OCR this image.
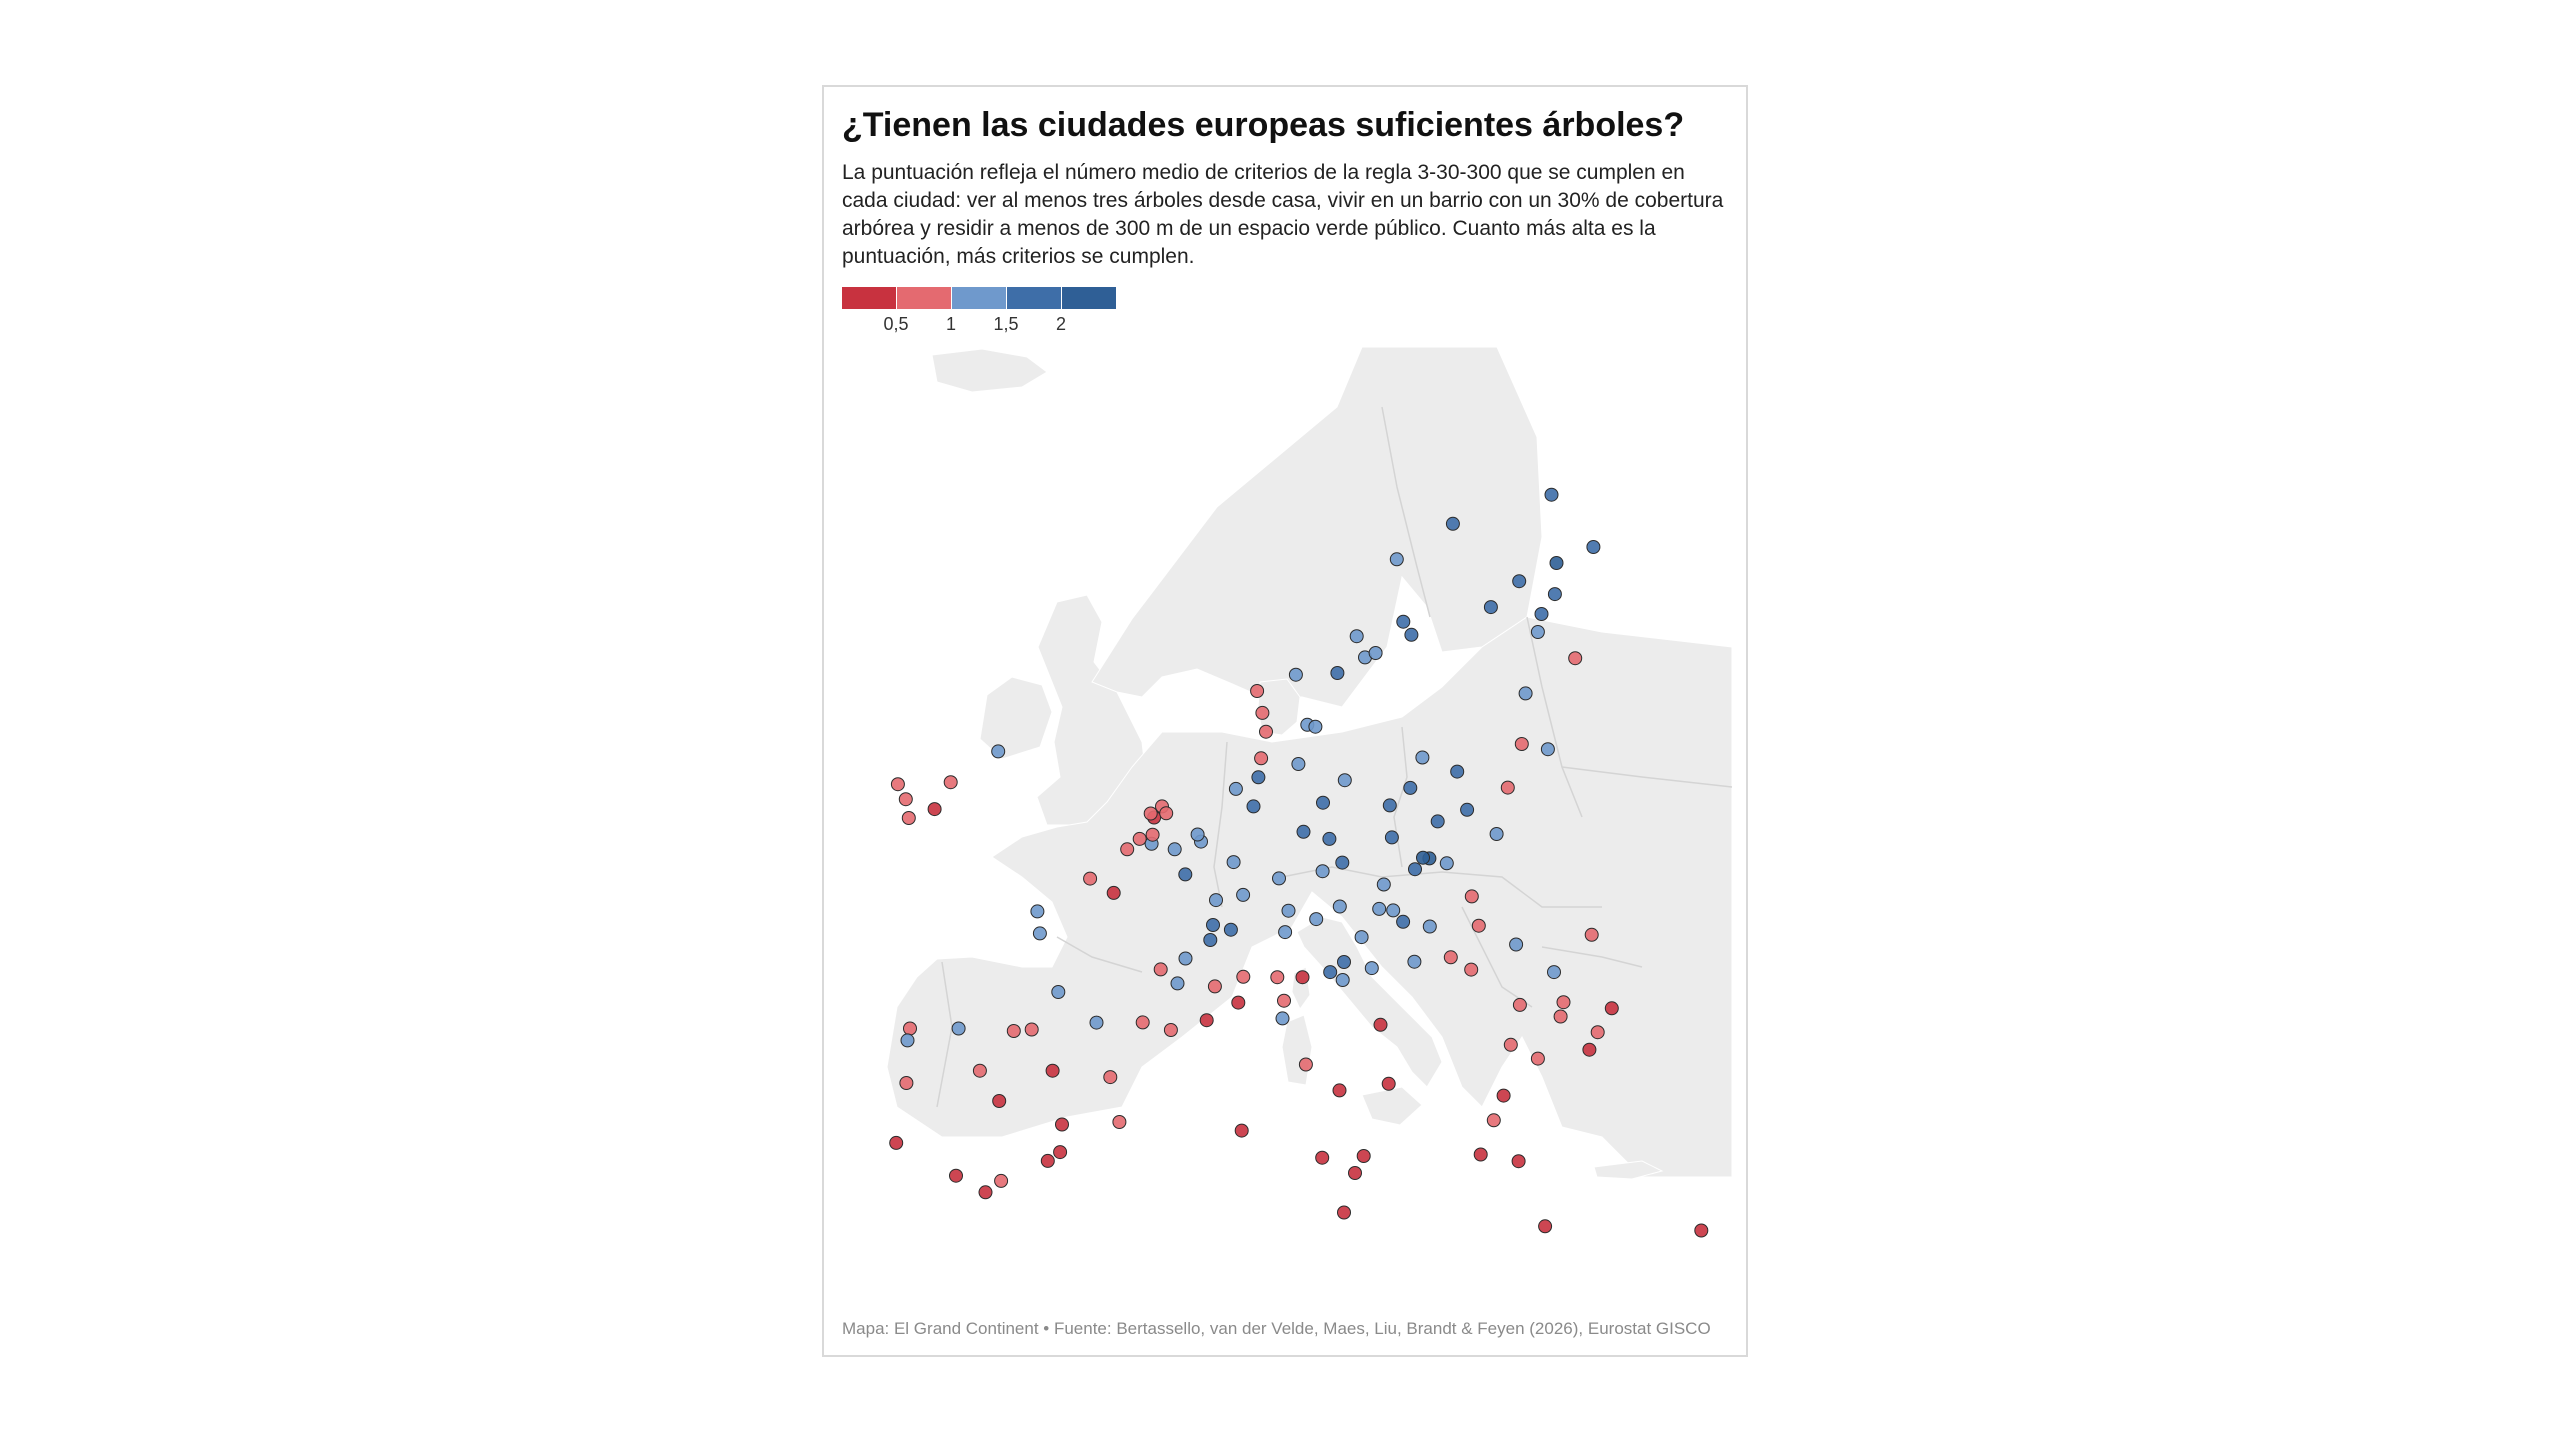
¿Tienen las ciudades europeas suficientes árboles?

La puntuación refleja el número medio de criterios de la regla 3-30-300 que se cumplen en cada ciudad: ver al menos tres árboles desde casa, vivir en un barrio con un 30% de cobertura arbórea y residir a menos de 300 m de un espacio verde público. Cuanto más alta es la puntuación, más criterios se cumplen.

0,5 1 1,5 2
Mapa: El Grand Continent • Fuente: Bertassello, van der Velde, Maes, Liu, Brandt & Feyen (2026), Eurostat GISCO
